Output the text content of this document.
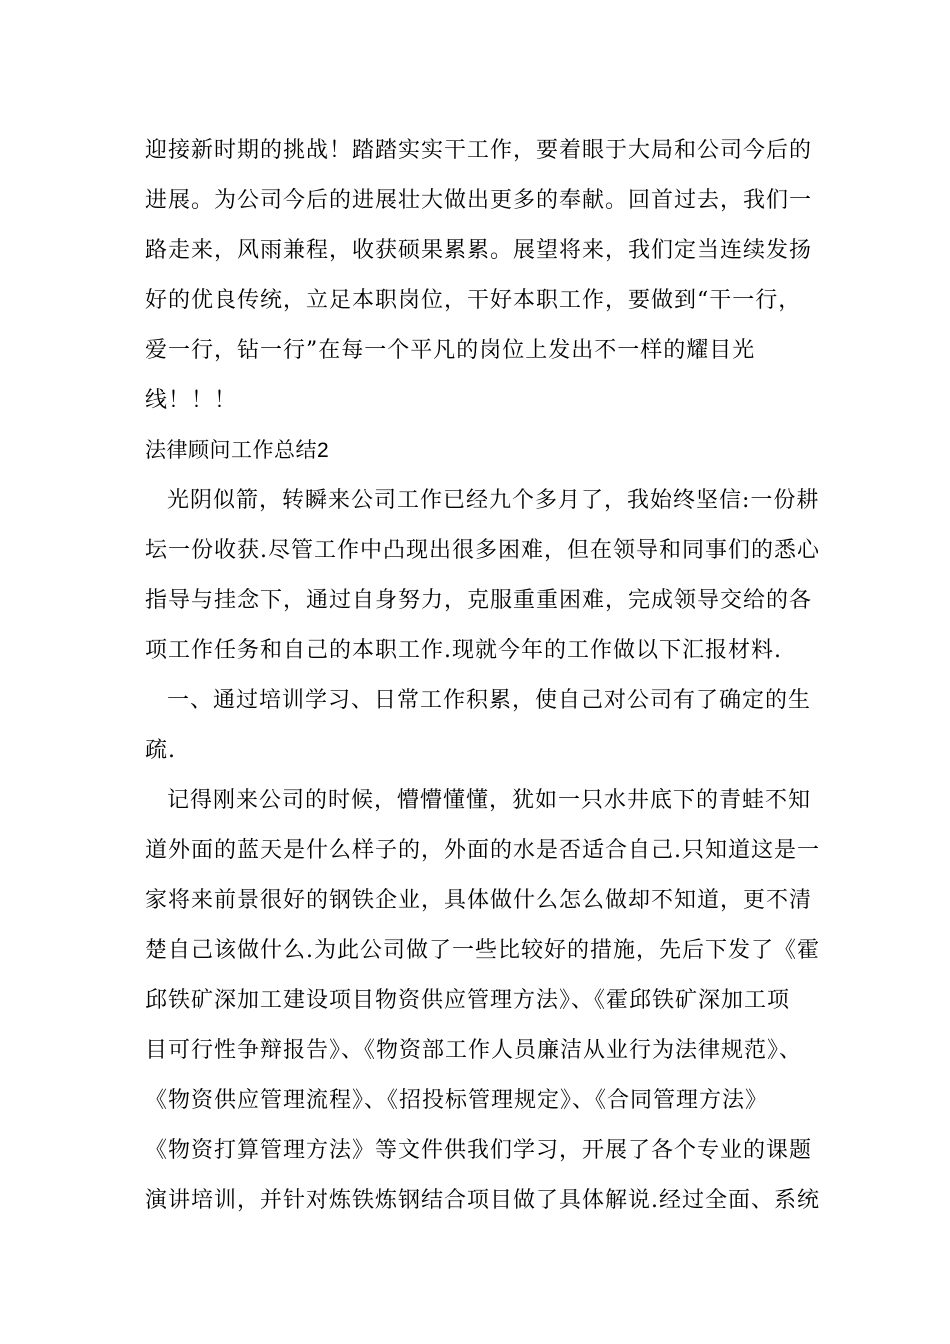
迎接新时期的挑战！踏踏实实干工作，要着眼于大局和公司今后的
进展。为公司今后的进展壮大做出更多的奉献。回首过去，我们一
路走来，风雨兼程，收获硕果累累。展望将来，我们定当连续发扬
好的优良传统，立足本职岗位，干好本职工作，要做到“干一行，
爱一行，钻一行”在每一个平凡的岗位上发出不一样的耀目光
线！！！
法律顾问工作总结2
光阴似箭，转瞬来公司工作已经九个多月了，我始终坚信:一份耕
坛一份收获.尽管工作中凸现出很多困难，但在领导和同事们的悉心
指导与挂念下，通过自身努力，克服重重困难，完成领导交给的各
项工作任务和自己的本职工作.现就今年的工作做以下汇报材料.
一、通过培训学习、日常工作积累，使自己对公司有了确定的生
疏.
记得刚来公司的时候，懵懵懂懂，犹如一只水井底下的青蛙不知
道外面的蓝天是什么样子的，外面的水是否适合自己.只知道这是一
家将来前景很好的钢铁企业，具体做什么怎么做却不知道，更不清
楚自己该做什么.为此公司做了一些比较好的措施，先后下发了《霍
邱铁矿深加工建设项目物资供应管理方法》、《霍邱铁矿深加工项
目可行性争辩报告》、《物资部工作人员廉洁从业行为法律规范》、
《物资供应管理流程》、《招投标管理规定》、《合同管理方法》
《物资打算管理方法》等文件供我们学习，开展了各个专业的课题
演讲培训，并针对炼铁炼钢结合项目做了具体解说.经过全面、系统
